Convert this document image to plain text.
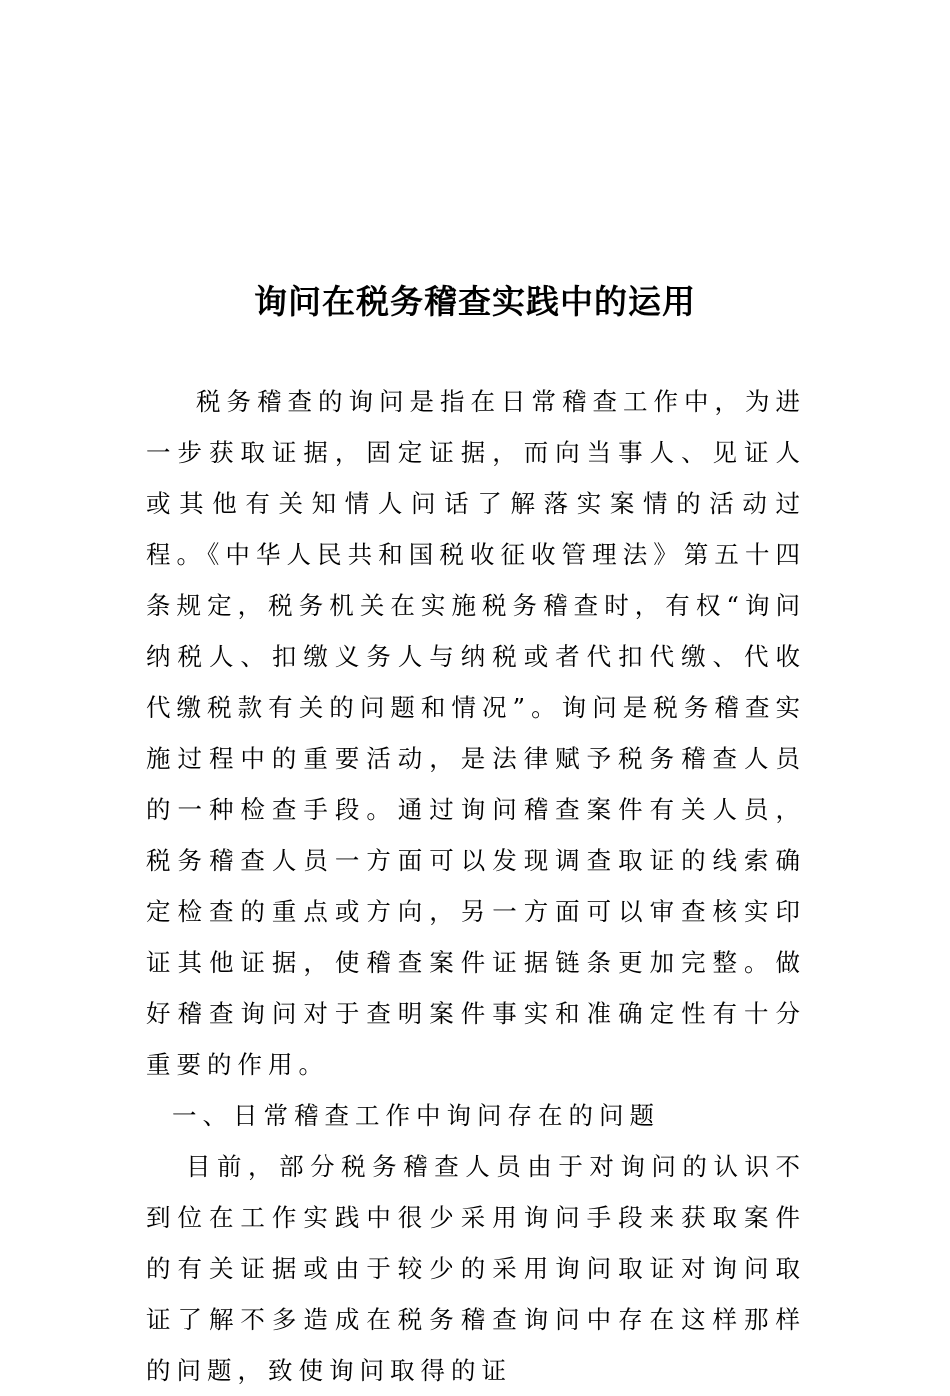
询问在税务稽查实践中的运用

税务稽查的询问是指在日常稽查工作中，为进一步获取证据，固定证据，而向当事人、见证人或其他有关知情人问话了解落实案情的活动过程。《中华人民共和国税收征收管理法》第五十四条规定，税务机关在实施税务稽查时，有权“询问纳税人、扣缴义务人与纳税或者代扣代缴、代收代缴税款有关的问题和情况”。询问是税务稽查实施过程中的重要活动，是法律赋予税务稽查人员的一种检查手段。通过询问稽查案件有关人员，税务稽查人员一方面可以发现调查取证的线索确定检查的重点或方向，另一方面可以审查核实印证其他证据，使稽查案件证据链条更加完整。做好稽查询问对于查明案件事实和准确定性有十分重要的作用。

一、日常稽查工作中询问存在的问题

目前，部分税务稽查人员由于对询问的认识不到位在工作实践中很少采用询问手段来获取案件的有关证据或由于较少的采用询问取证对询问取证了解不多造成在税务稽查询问中存在这样那样的问题，致使询问取得的证
